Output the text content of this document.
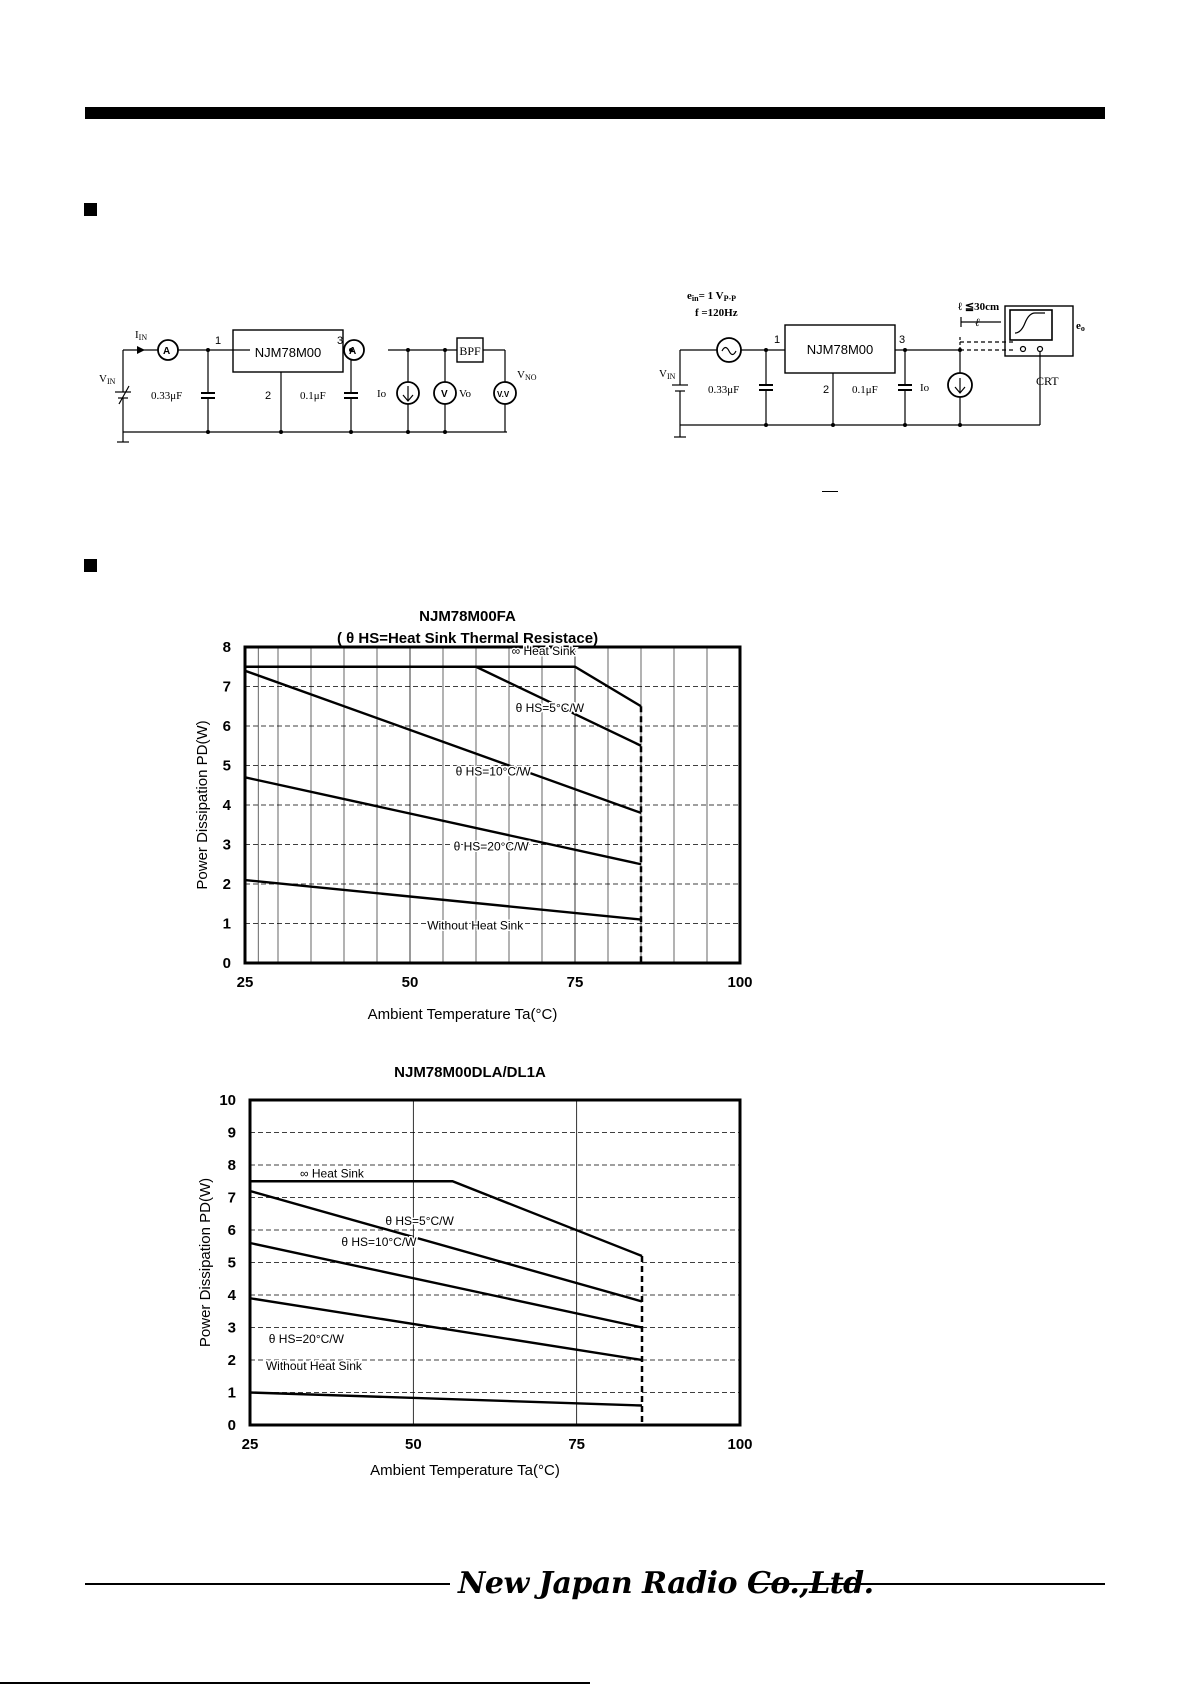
IIN
VIN
A	A
V	V.V
1
2
3
NJM78M00
0.33μF	0.1μF	Io	Vo
BPF
VNO
ein= 1 VP-P
f =120Hz
VIN
1
2
3
NJM78M00
0.33μF	0.1μF	Io
ℓ ≦30cm
ℓ	eo
CRT
NJM78M00FA
( θ HS=Heat Sink Thermal Resistace)
∞ Heat Sink
θ HS=5°C/W
θ HS=10°C/W
θ HS=20°C/W
Without Heat Sink
0
1
2
3
4
5
6
7
8
25	50	75	100
Ambient Temperature Ta(°C)
Power Dissipation PD(W)
NJM78M00DLA/DL1A
∞ Heat Sink
θ HS=5°C/W
θ HS=10°C/W
θ HS=20°C/W
Without Heat Sink
0
1
2
3
4
5
6
7
8
9
10
25	50	75	100
Ambient Temperature Ta(°C)
Power Dissipation PD(W)
New Japan Radio Co.,Ltd.
